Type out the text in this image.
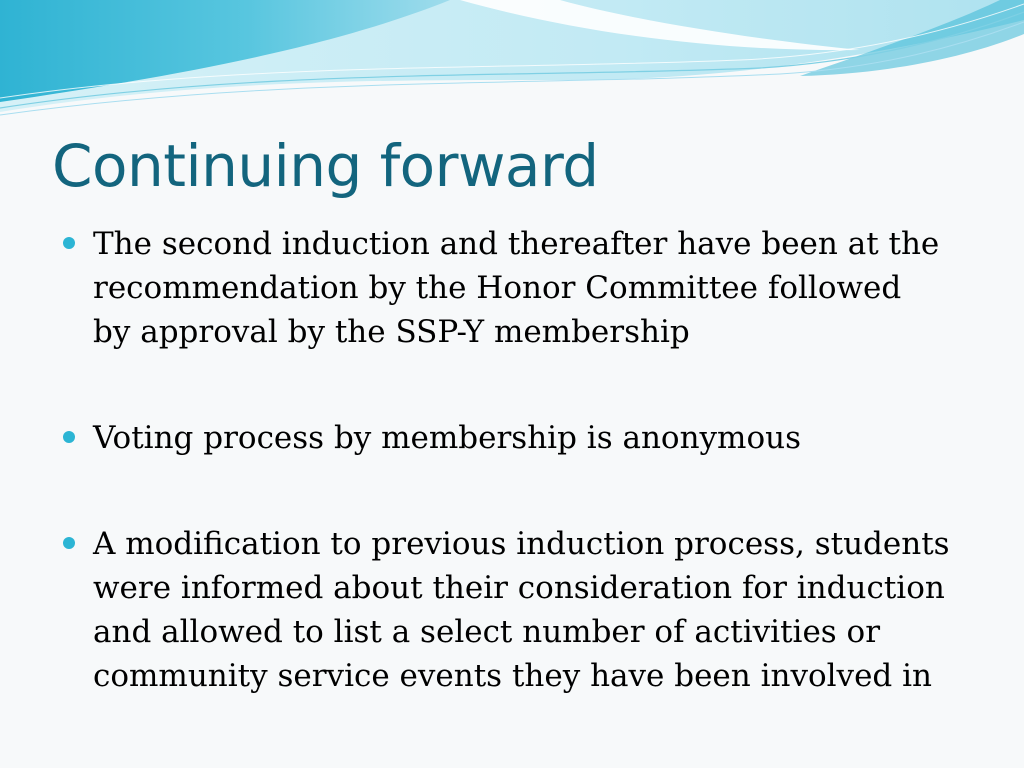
Continuing forward
The second induction and thereafter have been at the
recommendation by the Honor Committee followed
by approval by the SSP-Y membership
Voting process by membership is anonymous
A modification to previous induction process, students
were informed about their consideration for induction
and allowed to list a select number of activities or
community service events they have been involved in
